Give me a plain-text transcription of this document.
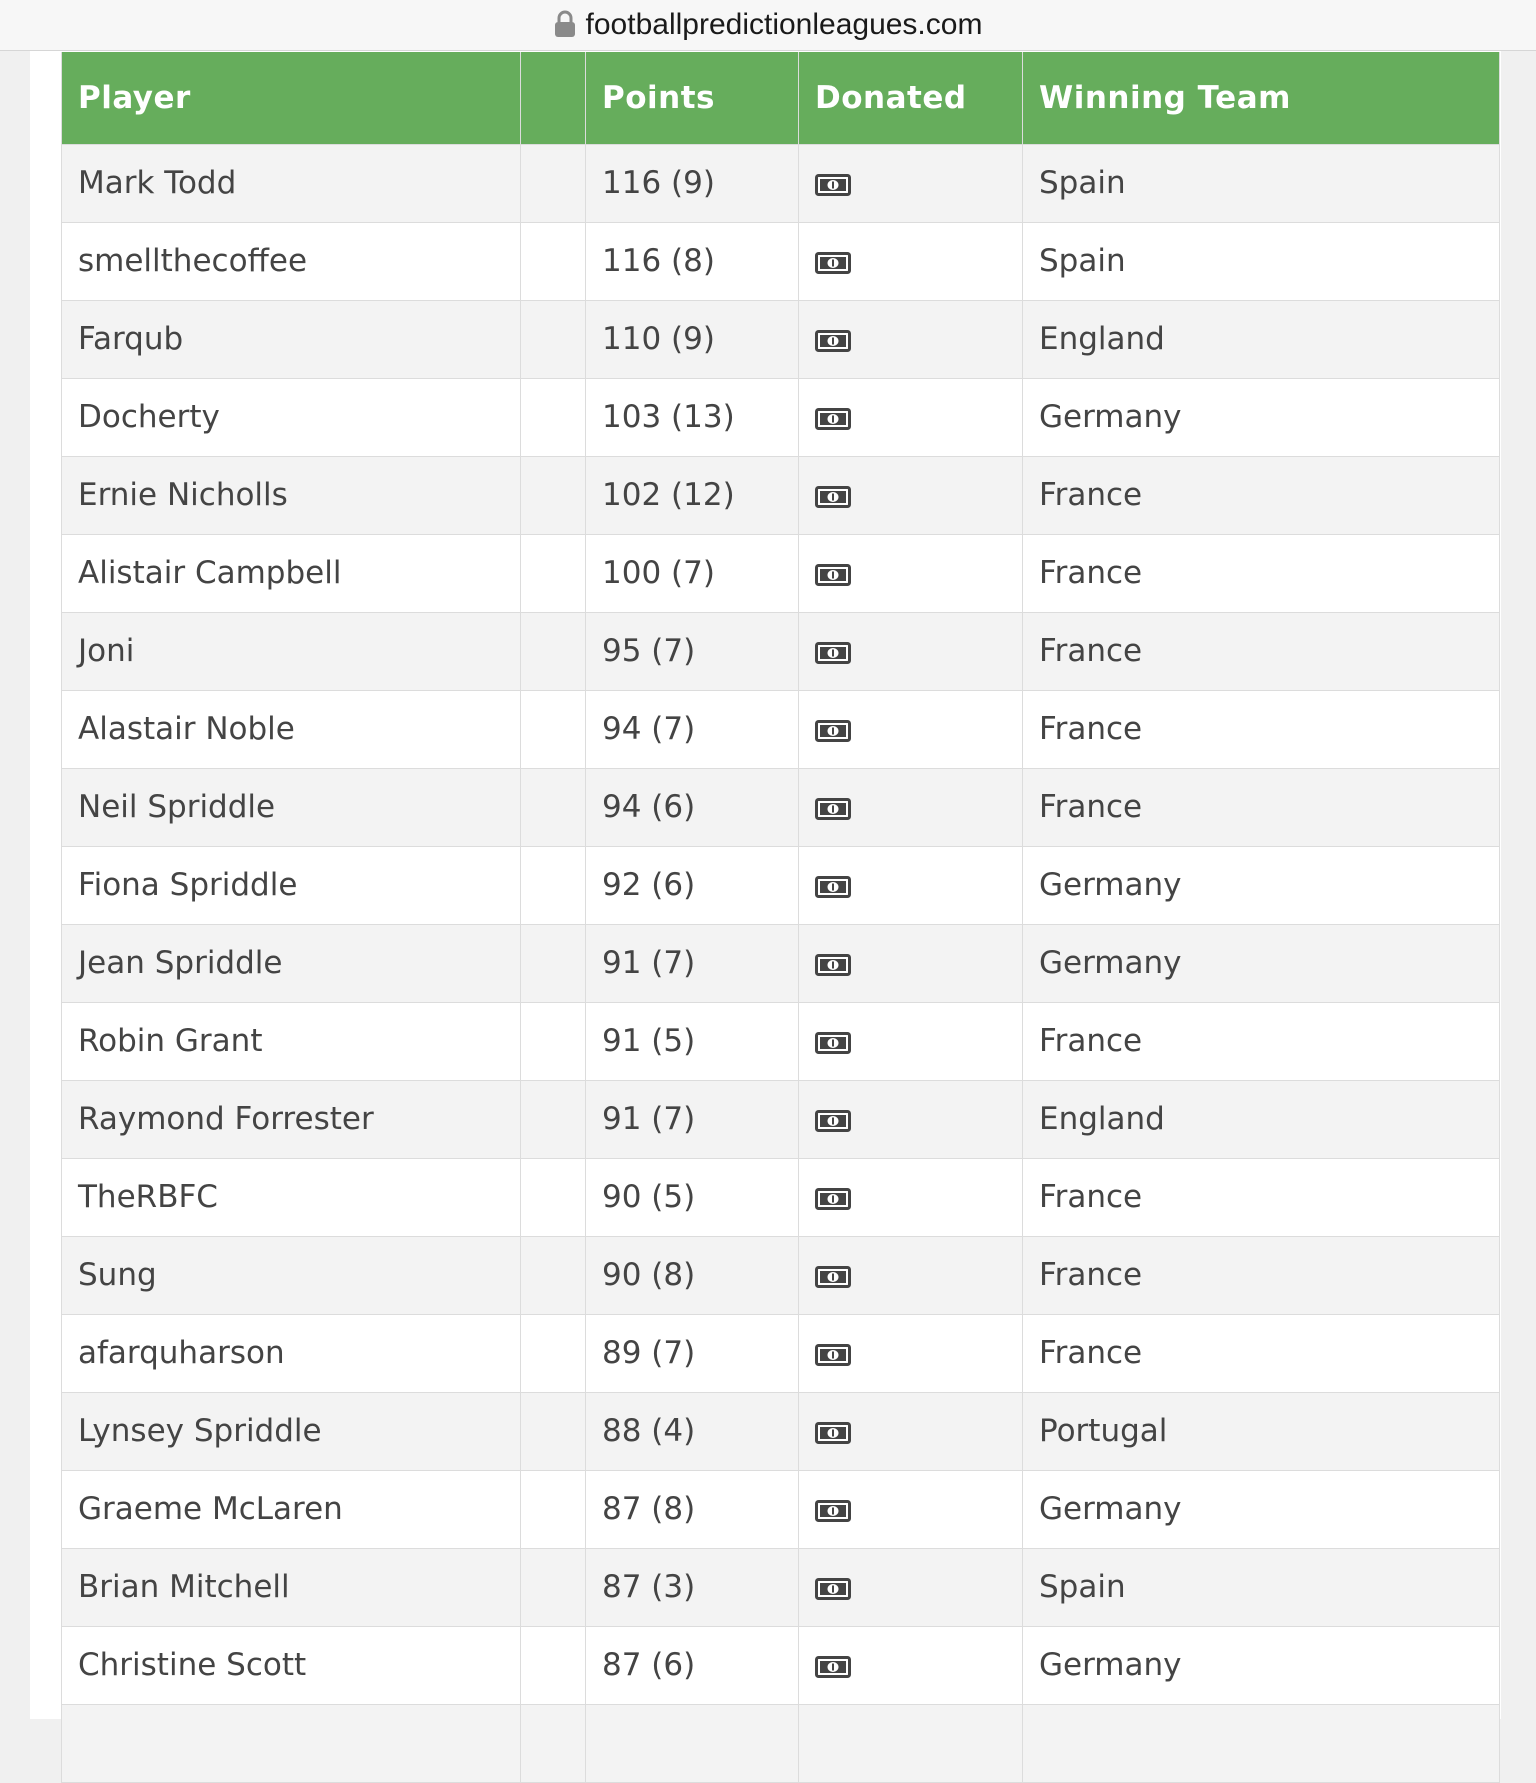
footballpredictionleagues.com
Player		Points	Donated	Winning Team
Mark Todd		116 (9)		Spain
smellthecoffee		116 (8)		Spain
Farqub		110 (9)		England
Docherty		103 (13)		Germany
Ernie Nicholls		102 (12)		France
Alistair Campbell		100 (7)		France
Joni		95 (7)		France
Alastair Noble		94 (7)		France
Neil Spriddle		94 (6)		France
Fiona Spriddle		92 (6)		Germany
Jean Spriddle		91 (7)		Germany
Robin Grant		91 (5)		France
Raymond Forrester		91 (7)		England
TheRBFC		90 (5)		France
Sung		90 (8)		France
afarquharson		89 (7)		France
Lynsey Spriddle		88 (4)		Portugal
Graeme McLaren		87 (8)		Germany
Brian Mitchell		87 (3)		Spain
Christine Scott		87 (6)		Germany
